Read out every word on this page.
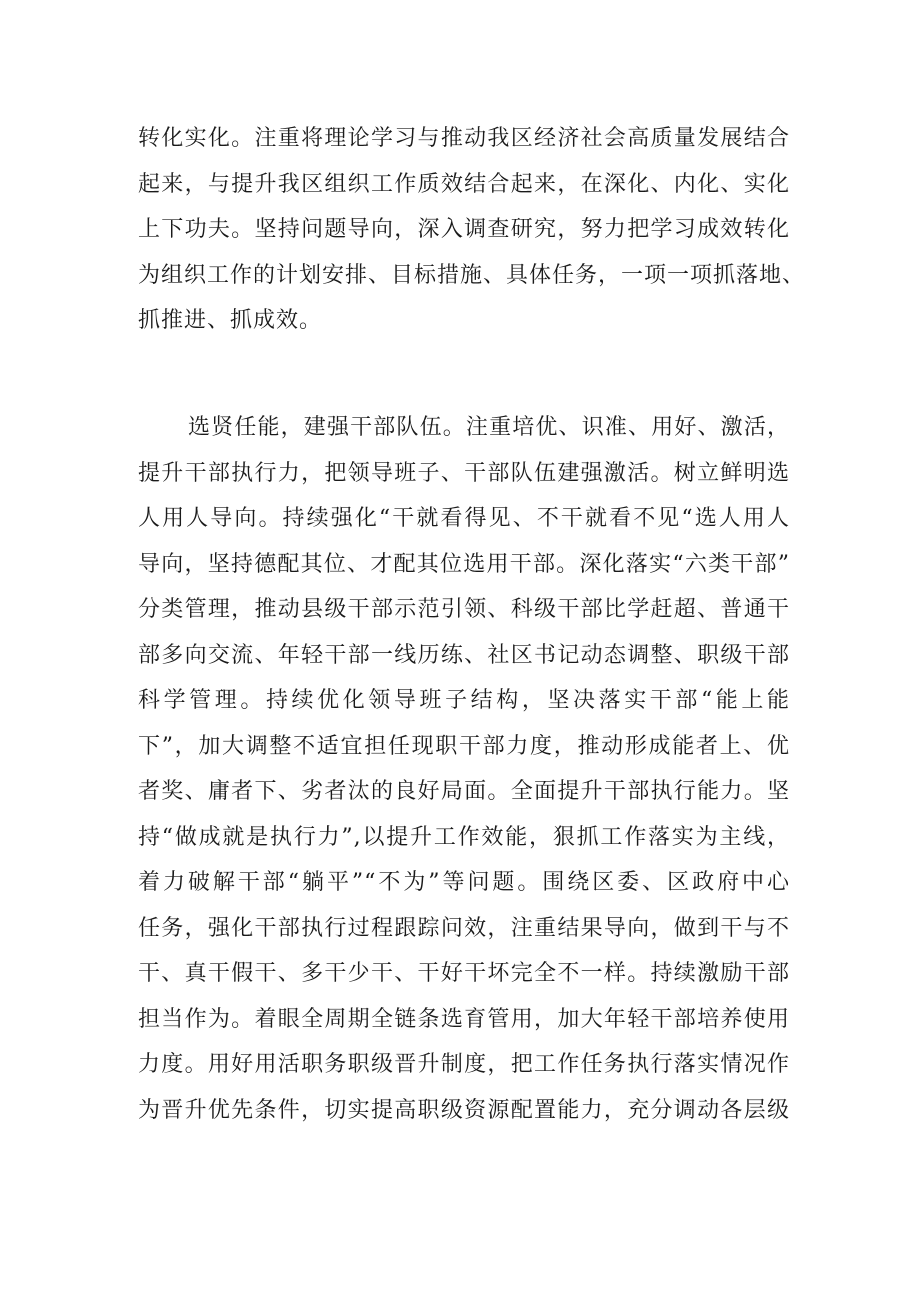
转化实化。注重将理论学习与推动我区经济社会高质量发展结合
起来，与提升我区组织工作质效结合起来，在深化、内化、实化
上下功夫。坚持问题导向，深入调查研究，努力把学习成效转化
为组织工作的计划安排、目标措施、具体任务，一项一项抓落地、
抓推进、抓成效。
选贤任能，建强干部队伍。注重培优、识准、用好、激活，
提升干部执行力，把领导班子、干部队伍建强激活。树立鲜明选
人用人导向。持续强化“干就看得见、不干就看不见“选人用人
导向，坚持德配其位、才配其位选用干部。深化落实“六类干部”
分类管理，推动县级干部示范引领、科级干部比学赶超、普通干
部多向交流、年轻干部一线历练、社区书记动态调整、职级干部
科学管理。持续优化领导班子结构，坚决落实干部“能上能
下”，加大调整不适宜担任现职干部力度，推动形成能者上、优
者奖、庸者下、劣者汰的良好局面。全面提升干部执行能力。坚
持“做成就是执行力”,以提升工作效能，狠抓工作落实为主线，
着力破解干部“躺平”“不为”等问题。围绕区委、区政府中心
任务，强化干部执行过程跟踪问效，注重结果导向，做到干与不
干、真干假干、多干少干、干好干坏完全不一样。持续激励干部
担当作为。着眼全周期全链条选育管用，加大年轻干部培养使用
力度。用好用活职务职级晋升制度，把工作任务执行落实情况作
为晋升优先条件，切实提高职级资源配置能力，充分调动各层级
